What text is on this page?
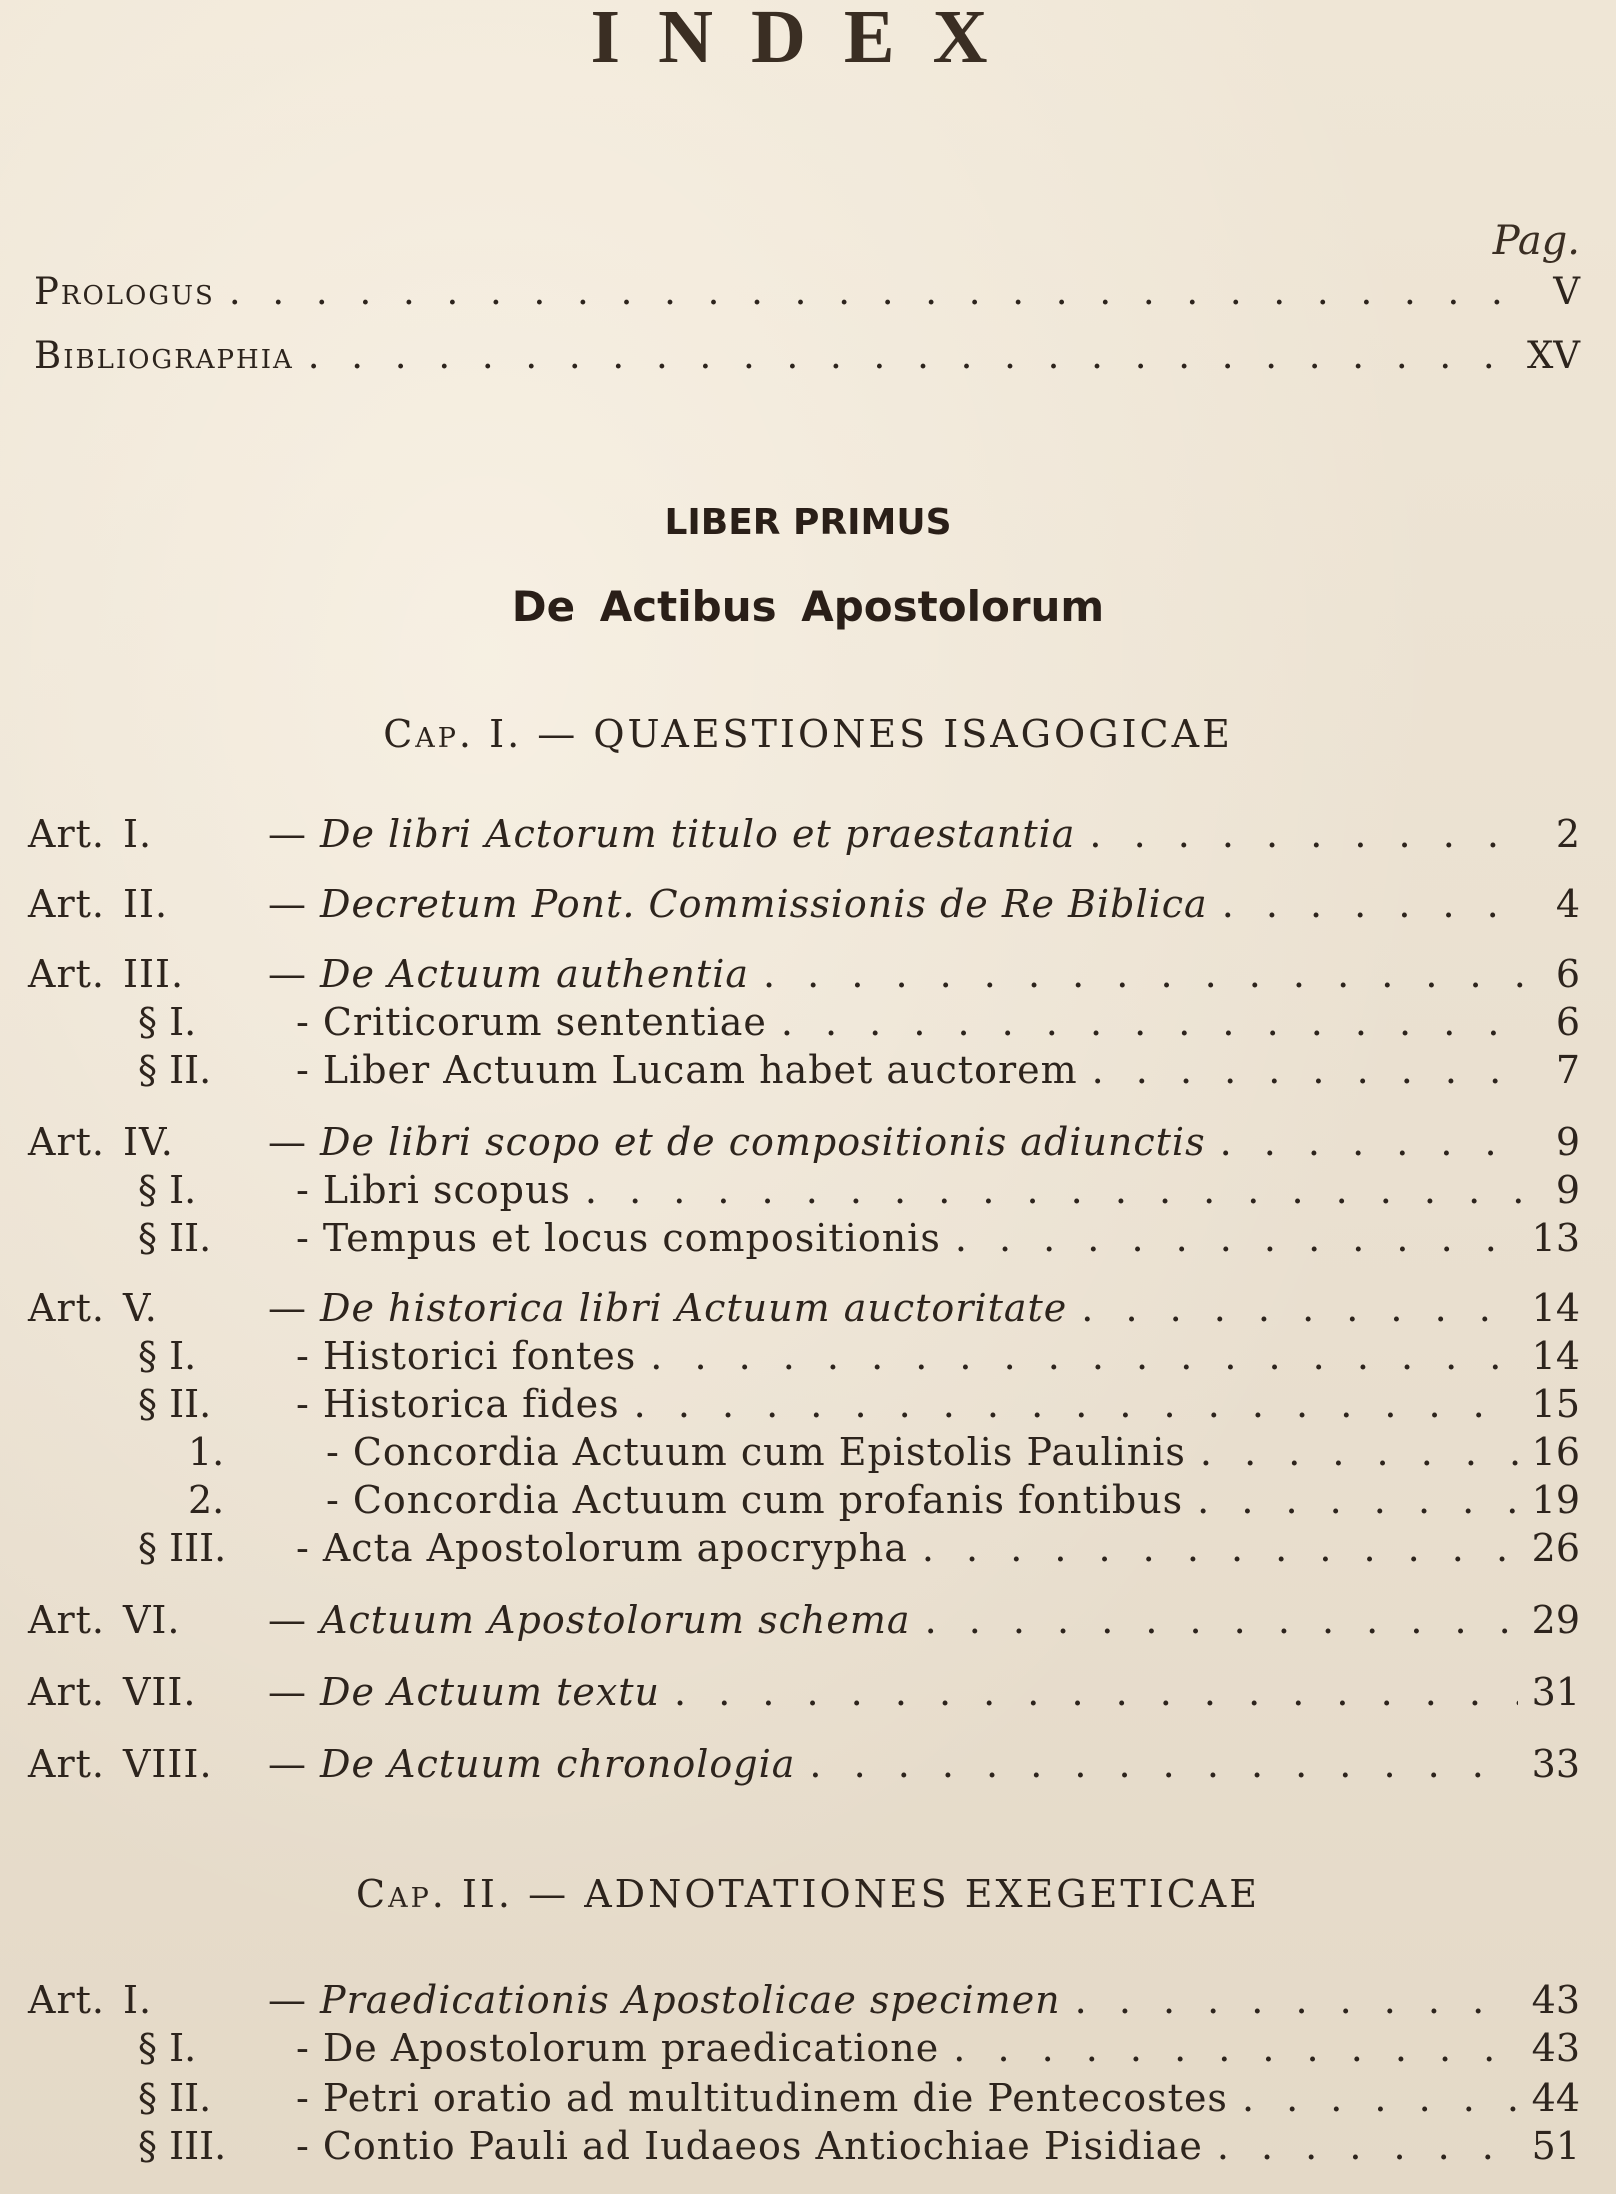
INDEX
Pag.
Prologus . . .	V
Bibliographia . . .	XV
LIBER PRIMUS
De Actibus Apostolorum
Cap. I. — QUAESTIONES ISAGOGICAE
Art. I.	— De libri Actorum titulo et praestantia . . .	2
Art. II.	— Decretum Pont. Commissionis de Re Biblica . . .	4
Art. III.	— De Actuum authentia . . .	6
§ I.	- Criticorum sententiae . . .	6
§ II.	- Liber Actuum Lucam habet auctorem . . .	7
Art. IV.	— De libri scopo et de compositionis adiunctis . . .	9
§ I.	- Libri scopus . . .	9
§ II.	- Tempus et locus compositionis . . .	13
Art. V.	— De historica libri Actuum auctoritate . . .	14
§ I.	- Historici fontes . . .	14
§ II.	- Historica fides . . .	15
1.	- Concordia Actuum cum Epistolis Paulinis . . .	16
2.	- Concordia Actuum cum profanis fontibus . . .	19
§ III.	- Acta Apostolorum apocrypha . . .	26
Art. VI.	— Actuum Apostolorum schema . . .	29
Art. VII.	— De Actuum textu . . .	31
Art. VIII.	— De Actuum chronologia . . .	33
Cap. II. — ADNOTATIONES EXEGETICAE
Art. I.	— Praedicationis Apostolicae specimen . . .	43
§ I.	- De Apostolorum praedicatione . . .	43
§ II.	- Petri oratio ad multitudinem die Pentecostes . . .	44
§ III.	- Contio Pauli ad Iudaeos Antiochiae Pisidiae . . .	51
